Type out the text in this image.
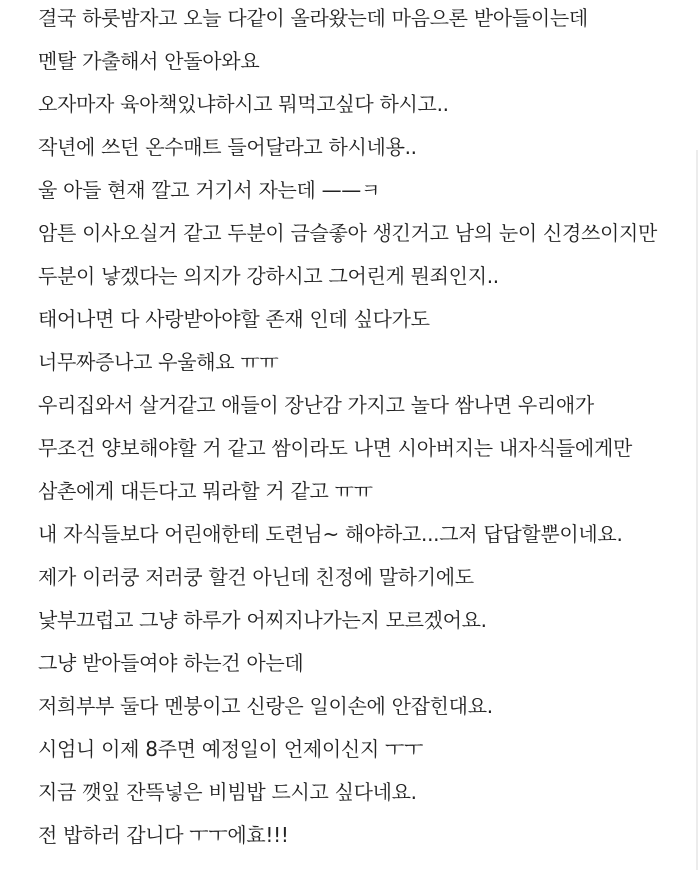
결국 하룻밤자고 오늘 다같이 올라왔는데 마음으론 받아들이는데

멘탈 가출해서 안돌아와요

오자마자 육아책있냐하시고 뭐먹고싶다 하시고..

작년에 쓰던 온수매트 들어달라고 하시네용..

울 아들 현재 깔고 거기서 자는데 ——ㅋ

암튼 이사오실거 같고 두분이 금슬좋아 생긴거고 남의 눈이 신경쓰이지만

두분이 낳겠다는 의지가 강하시고 그어린게 뭔죄인지..

태어나면 다 사랑받아야할 존재 인데 싶다가도

너무짜증나고 우울해요 ㅠㅠ

우리집와서 살거같고 애들이 장난감 가지고 놀다 쌈나면 우리애가

무조건 양보해야할 거 같고 쌈이라도 나면 시아버지는 내자식들에게만

삼촌에게 대든다고 뭐라할 거 같고 ㅠㅠ

내 자식들보다 어린애한테 도련님~ 해야하고...그저 답답할뿐이네요.

제가 이러쿵 저러쿵 할건 아닌데 친정에 말하기에도

낯부끄럽고 그냥 하루가 어찌지나가는지 모르겠어요.

그냥 받아들여야 하는건 아는데

저희부부 둘다 멘붕이고 신랑은 일이손에 안잡힌대요.

시엄니 이제 8주면 예정일이 언제이신지 ㅜㅜ

지금 깻잎 잔뜩넣은 비빔밥 드시고 싶다네요.

전 밥하러 갑니다 ㅜㅜ에효!!!
